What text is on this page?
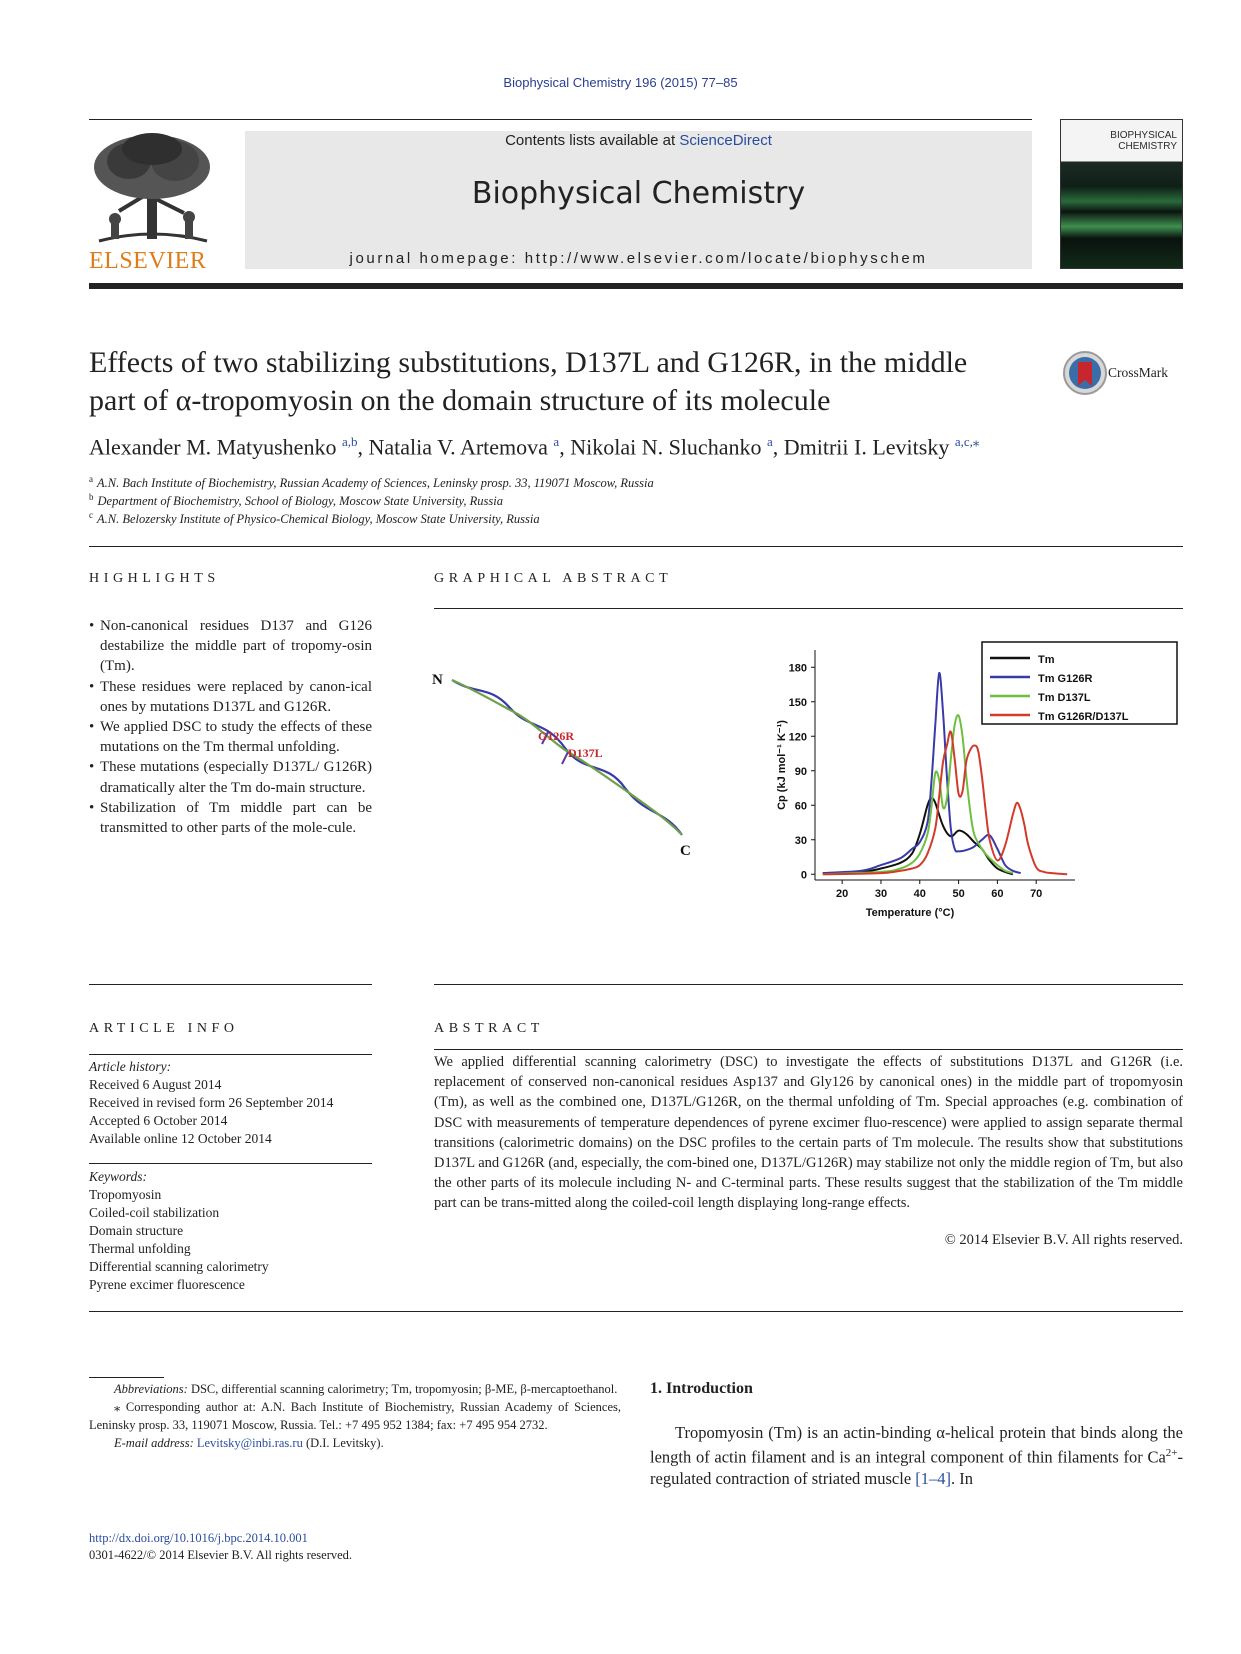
Biophysical Chemistry 196 (2015) 77–85
ELSEVIER
Contents lists available at ScienceDirect
Biophysical Chemistry
journal homepage: http://www.elsevier.com/locate/biophyschem
BIOPHYSICAL CHEMISTRY
Effects of two stabilizing substitutions, D137L and G126R, in the middle
part of α-tropomyosin on the domain structure of its molecule
CrossMark
Alexander M. Matyushenko $^{a,b}$, Natalia V. Artemova $^a$, Nikolai N. Sluchanko $^a$, Dmitrii I. Levitsky $^{a,c,⁎}$
$^a$ A.N. Bach Institute of Biochemistry, Russian Academy of Sciences, Leninsky prosp. 33, 119071 Moscow, Russia
$^b$ Department of Biochemistry, School of Biology, Moscow State University, Russia
$^c$ A.N. Belozersky Institute of Physico-Chemical Biology, Moscow State University, Russia
HIGHLIGHTS
• Non-canonical residues D137 and G126 destabilize the middle part of tropomy-osin (Tm).
• These residues were replaced by canon-ical ones by mutations D137L and G126R.
• We applied DSC to study the effects of these mutations on the Tm thermal unfolding.
• These mutations (especially D137L/ G126R) dramatically alter the Tm do-main structure.
• Stabilization of Tm middle part can be transmitted to other parts of the mole-cule.
GRAPHICAL ABSTRACT
N
C
G126R
D137L
20 30 40 50 60 70
0
30
60
90
120
150
180
Temperature (°C)
Cp (kJ mol⁻¹ K⁻¹)
Tm
Tm G126R
Tm D137L
Tm G126R/D137L
ARTICLE INFO
Article history:
Received 6 August 2014
Received in revised form 26 September 2014
Accepted 6 October 2014
Available online 12 October 2014
Keywords:
Tropomyosin
Coiled-coil stabilization
Domain structure
Thermal unfolding
Differential scanning calorimetry
Pyrene excimer fluorescence
ABSTRACT
We applied differential scanning calorimetry (DSC) to investigate the effects of substitutions D137L and G126R (i.e. replacement of conserved non-canonical residues Asp137 and Gly126 by canonical ones) in the middle part of tropomyosin (Tm), as well as the combined one, D137L/G126R, on the thermal unfolding of Tm. Special approaches (e.g. combination of DSC with measurements of temperature dependences of pyrene excimer fluo-rescence) were applied to assign separate thermal transitions (calorimetric domains) on the DSC profiles to the certain parts of Tm molecule. The results show that substitutions D137L and G126R (and, especially, the com-bined one, D137L/G126R) may stabilize not only the middle region of Tm, but also the other parts of its molecule including N- and C-terminal parts. These results suggest that the stabilization of the Tm middle part can be trans-mitted along the coiled-coil length displaying long-range effects.
© 2014 Elsevier B.V. All rights reserved.
Abbreviations: DSC, differential scanning calorimetry; Tm, tropomyosin; β-ME, β-mercaptoethanol.
⁎ Corresponding author at: A.N. Bach Institute of Biochemistry, Russian Academy of Sciences, Leninsky prosp. 33, 119071 Moscow, Russia. Tel.: +7 495 952 1384; fax: +7 495 954 2732.
E-mail address: Levitsky@inbi.ras.ru (D.I. Levitsky).
http://dx.doi.org/10.1016/j.bpc.2014.10.001
0301-4622/© 2014 Elsevier B.V. All rights reserved.
1. Introduction
Tropomyosin (Tm) is an actin-binding α-helical protein that binds along the length of actin filament and is an integral component of thin filaments for $Ca^{2+}$-regulated contraction of striated muscle [1–4]. In
